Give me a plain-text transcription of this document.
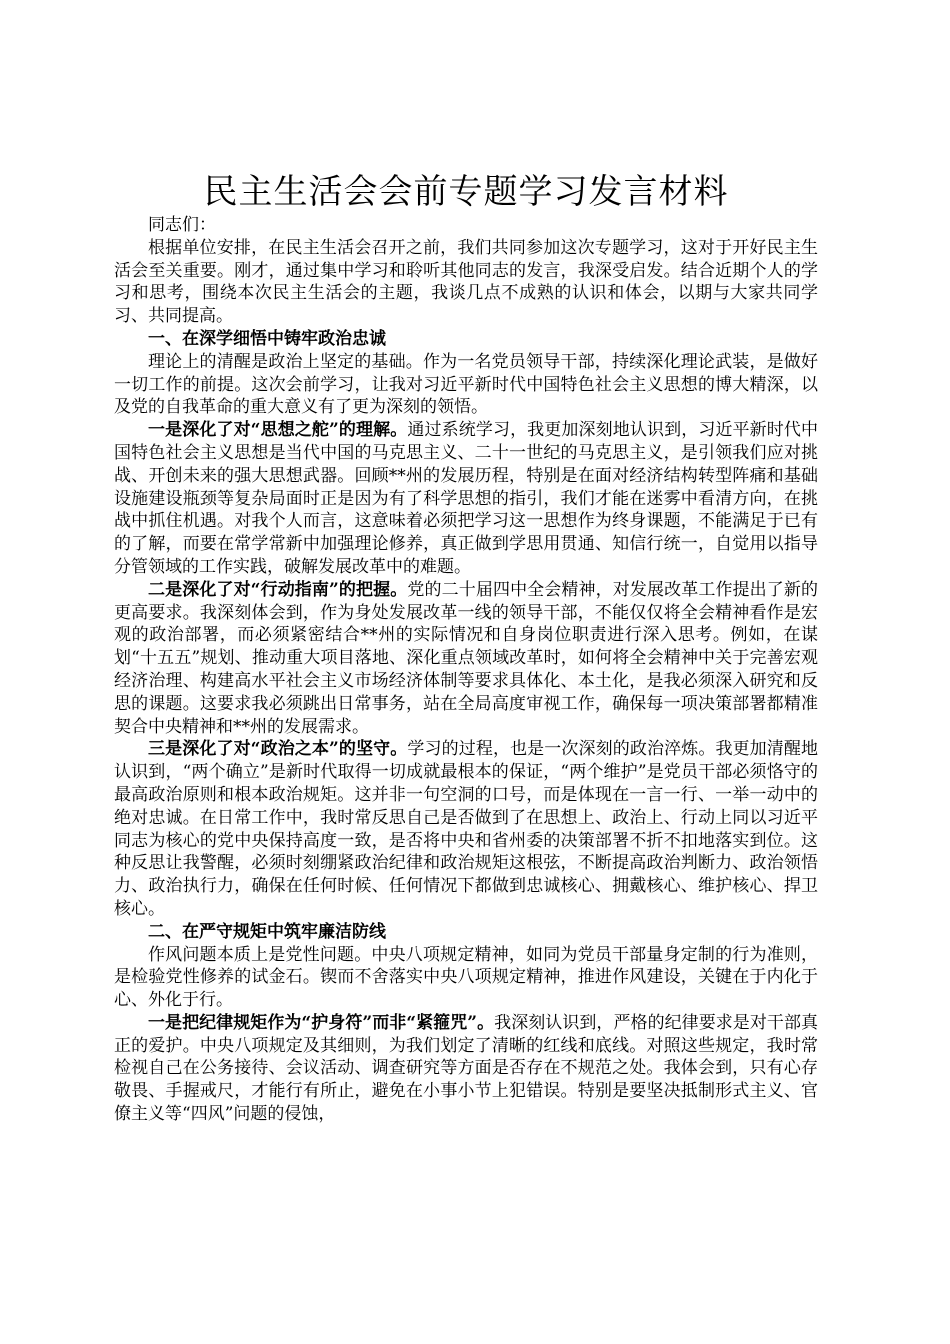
民主生活会会前专题学习发言材料

同志们：

根据单位安排，在民主生活会召开之前，我们共同参加这次专题学习，这对于开好民主生活会至关重要。刚才，通过集中学习和聆听其他同志的发言，我深受启发。结合近期个人的学习和思考，围绕本次民主生活会的主题，我谈几点不成熟的认识和体会，以期与大家共同学习、共同提高。

一、在深学细悟中铸牢政治忠诚

理论上的清醒是政治上坚定的基础。作为一名党员领导干部，持续深化理论武装，是做好一切工作的前提。这次会前学习，让我对习近平新时代中国特色社会主义思想的博大精深，以及党的自我革命的重大意义有了更为深刻的领悟。

一是深化了对“思想之舵”的理解。通过系统学习，我更加深刻地认识到，习近平新时代中国特色社会主义思想是当代中国的马克思主义、二十一世纪的马克思主义，是引领我们应对挑战、开创未来的强大思想武器。回顾**州的发展历程，特别是在面对经济结构转型阵痛和基础设施建设瓶颈等复杂局面时正是因为有了科学思想的指引，我们才能在迷雾中看清方向，在挑战中抓住机遇。对我个人而言，这意味着必须把学习这一思想作为终身课题，不能满足于已有的了解，而要在常学常新中加强理论修养，真正做到学思用贯通、知信行统一，自觉用以指导分管领域的工作实践，破解发展改革中的难题。

二是深化了对“行动指南”的把握。党的二十届四中全会精神，对发展改革工作提出了新的更高要求。我深刻体会到，作为身处发展改革一线的领导干部，不能仅仅将全会精神看作是宏观的政治部署，而必须紧密结合**州的实际情况和自身岗位职责进行深入思考。例如，在谋划“十五五”规划、推动重大项目落地、深化重点领域改革时，如何将全会精神中关于完善宏观经济治理、构建高水平社会主义市场经济体制等要求具体化、本土化，是我必须深入研究和反思的课题。这要求我必须跳出日常事务，站在全局高度审视工作，确保每一项决策部署都精准契合中央精神和**州的发展需求。

三是深化了对“政治之本”的坚守。学习的过程，也是一次深刻的政治淬炼。我更加清醒地认识到，“两个确立”是新时代取得一切成就最根本的保证，“两个维护”是党员干部必须恪守的最高政治原则和根本政治规矩。这并非一句空洞的口号，而是体现在一言一行、一举一动中的绝对忠诚。在日常工作中，我时常反思自己是否做到了在思想上、政治上、行动上同以习近平同志为核心的党中央保持高度一致，是否将中央和省州委的决策部署不折不扣地落实到位。这种反思让我警醒，必须时刻绷紧政治纪律和政治规矩这根弦，不断提高政治判断力、政治领悟力、政治执行力，确保在任何时候、任何情况下都做到忠诚核心、拥戴核心、维护核心、捍卫核心。

二、在严守规矩中筑牢廉洁防线

作风问题本质上是党性问题。中央八项规定精神，如同为党员干部量身定制的行为准则，是检验党性修养的试金石。锲而不舍落实中央八项规定精神，推进作风建设，关键在于内化于心、外化于行。

一是把纪律规矩作为“护身符”而非“紧箍咒”。我深刻认识到，严格的纪律要求是对干部真正的爱护。中央八项规定及其细则，为我们划定了清晰的红线和底线。对照这些规定，我时常检视自己在公务接待、会议活动、调查研究等方面是否存在不规范之处。我体会到，只有心存敬畏、手握戒尺，才能行有所止，避免在小事小节上犯错误。特别是要坚决抵制形式主义、官僚主义等“四风”问题的侵蚀，
